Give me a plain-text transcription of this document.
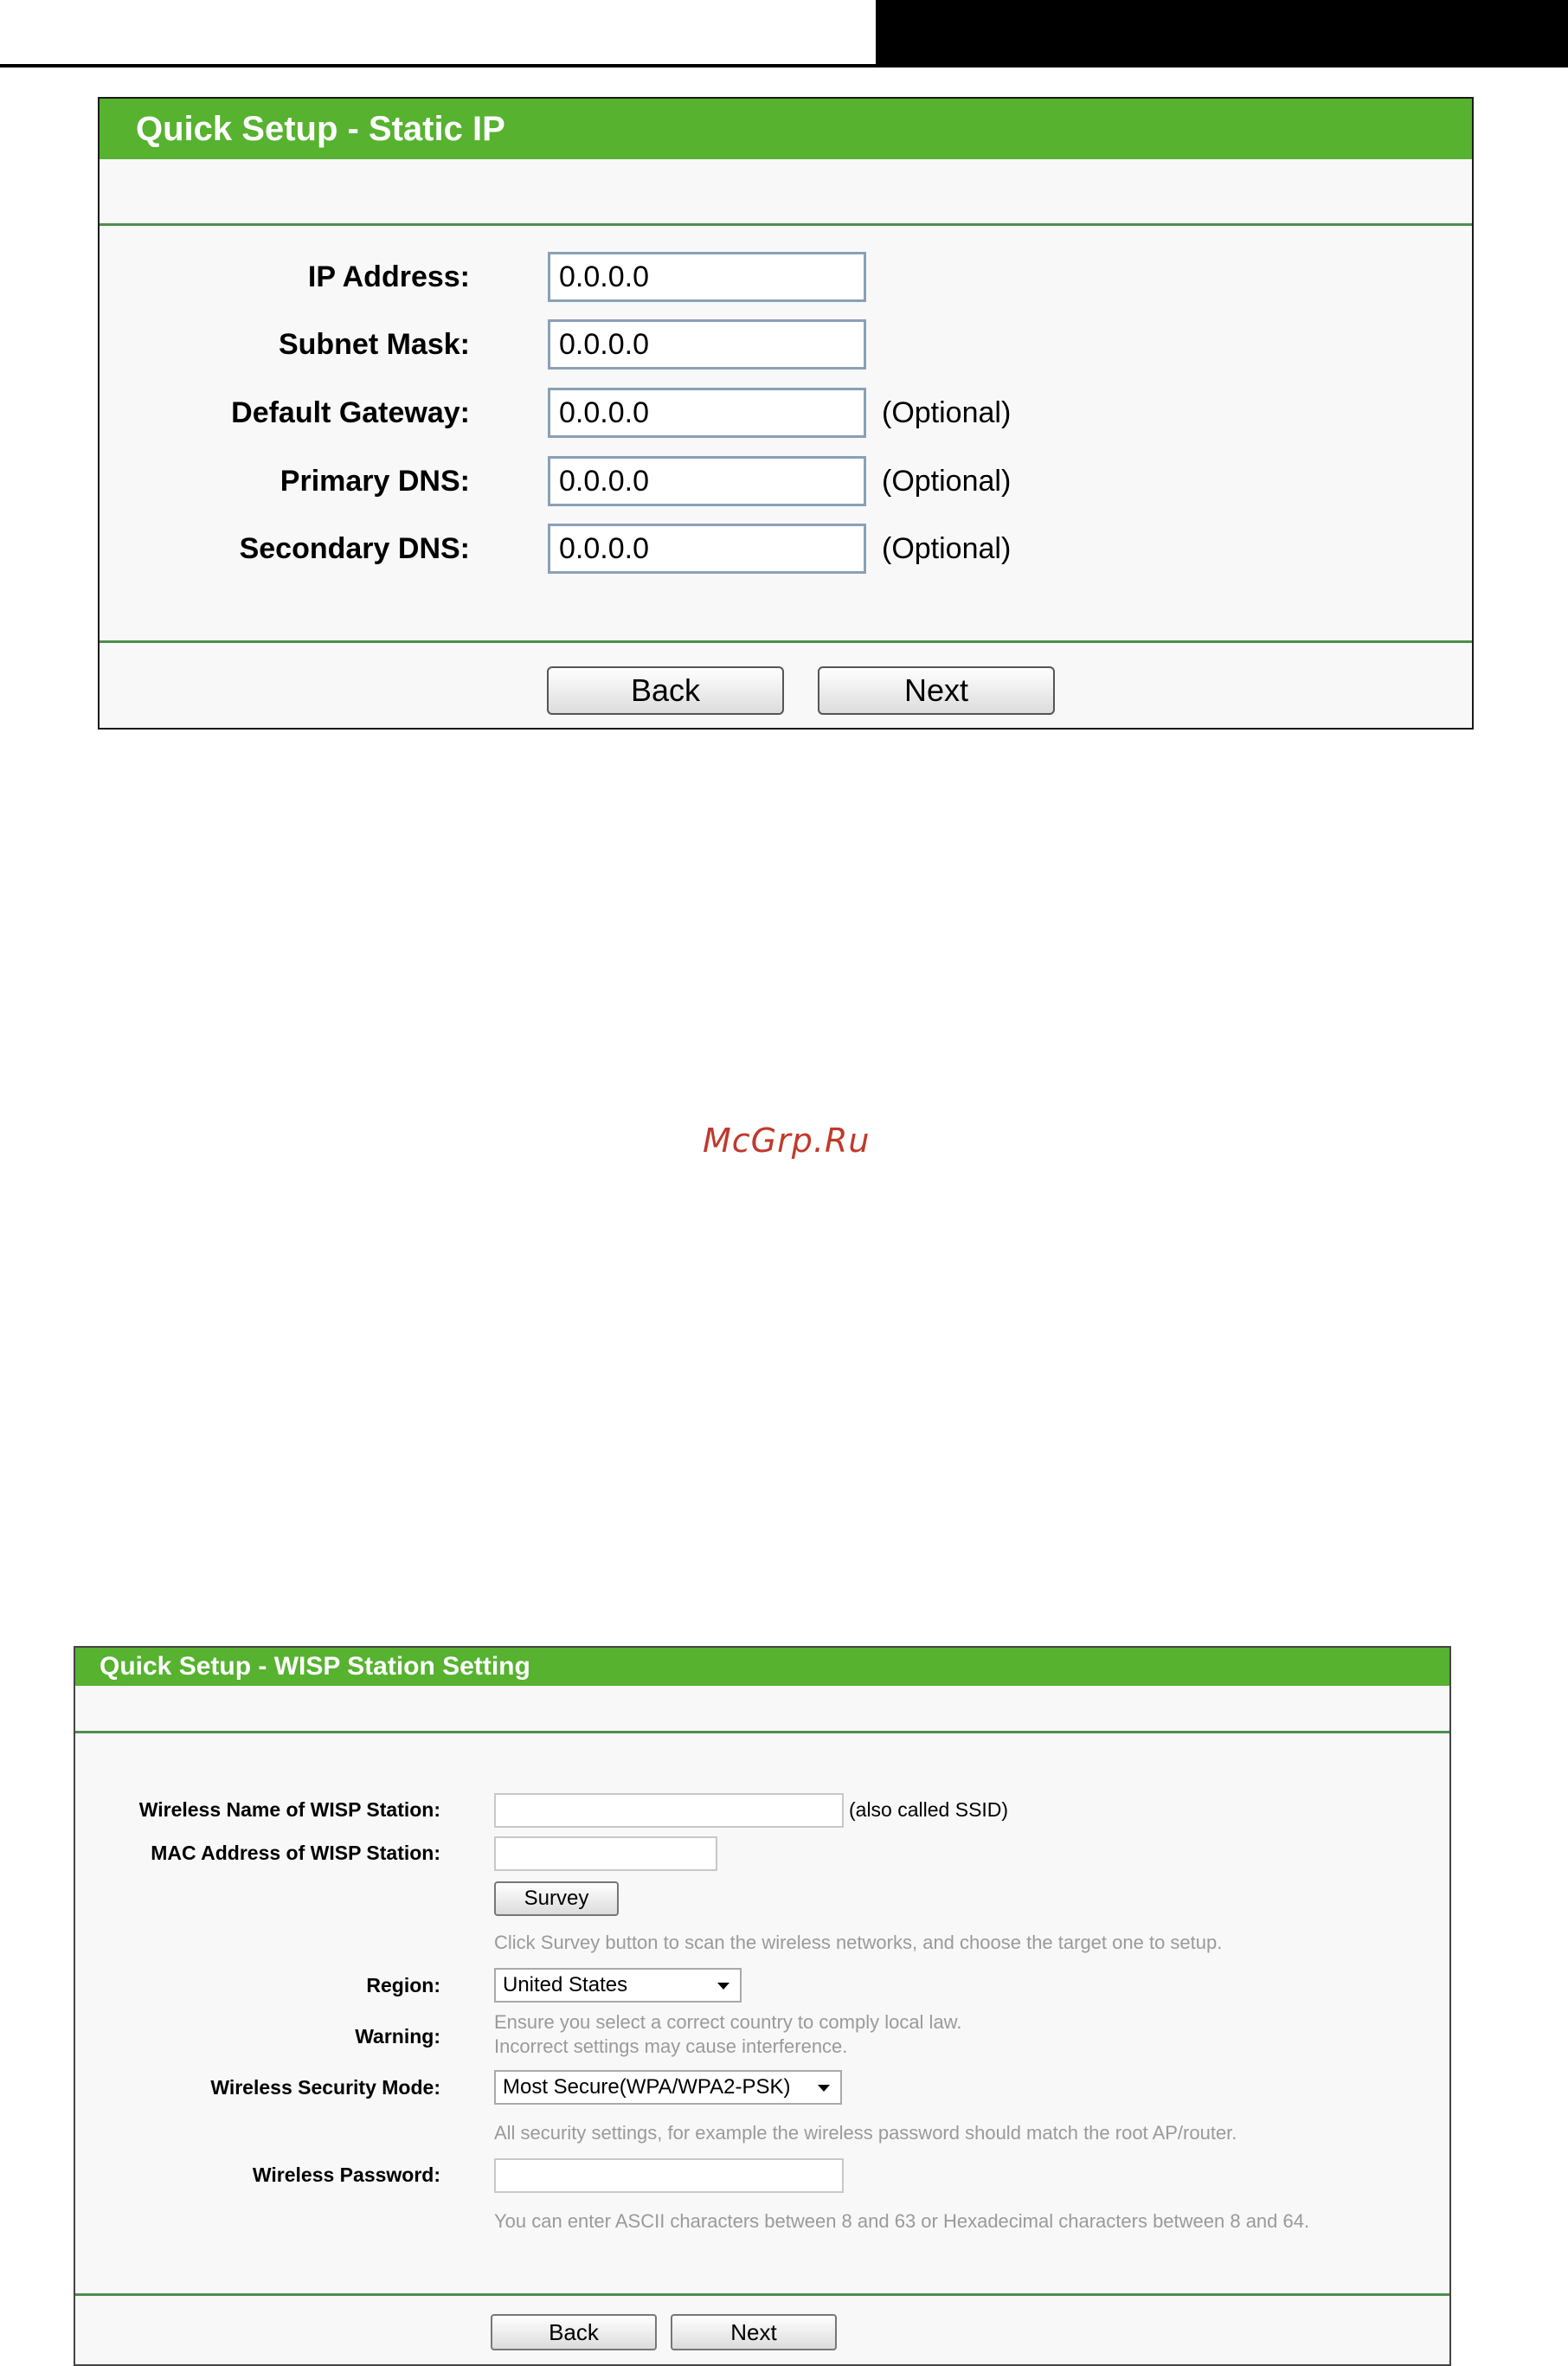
Quick Setup - Static IP
IP Address:
0.0.0.0
Subnet Mask:
0.0.0.0
Default Gateway:
0.0.0.0	(Optional)
Primary DNS:
0.0.0.0	(Optional)
Secondary DNS:
0.0.0.0	(Optional)
Back	Next
McGrp.Ru
Quick Setup - WISP Station Setting
Wireless Name of WISP Station:	(also called SSID)
MAC Address of WISP Station:
Survey
Click Survey button to scan the wireless networks, and choose the target one to setup.
Region:	United States
Warning:
Ensure you select a correct country to comply local law.
Incorrect settings may cause interference.
Wireless Security Mode:	Most Secure(WPA/WPA2-PSK)
All security settings, for example the wireless password should match the root AP/router.
Wireless Password:
You can enter ASCII characters between 8 and 63 or Hexadecimal characters between 8 and 64.
Back	Next
